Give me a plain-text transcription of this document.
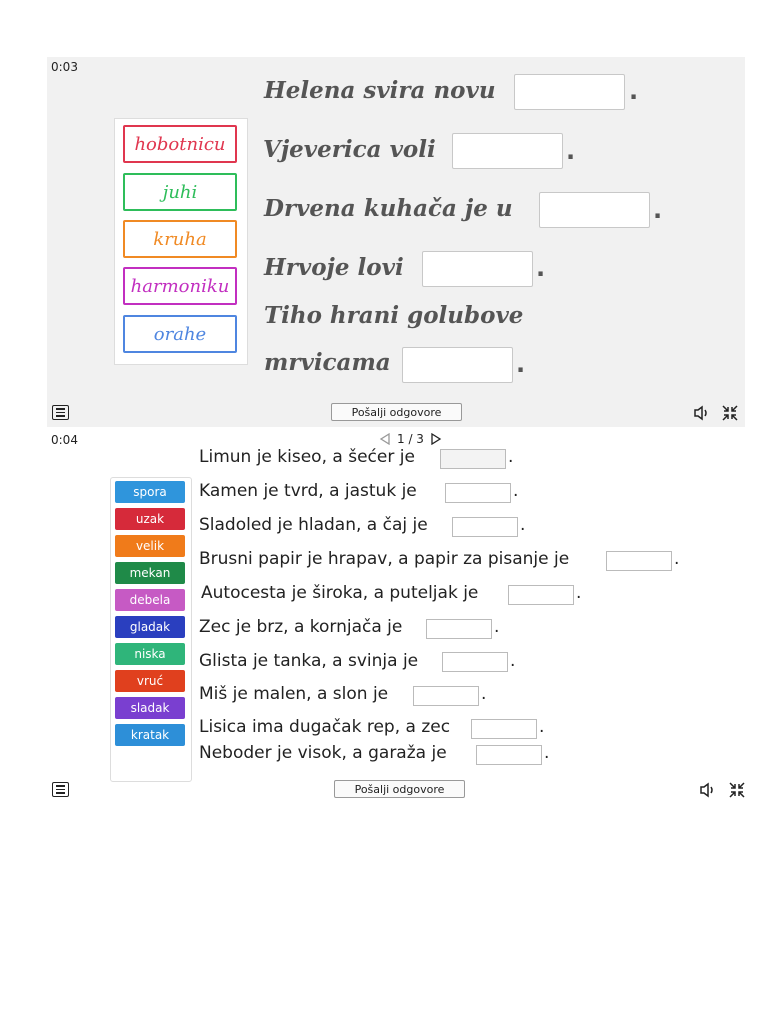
0:03
hobotnicu
juhi
kruha
harmoniku
orahe
Helena svira novu	.
Vjeverica voli	.
Drvena kuhača je u	.
Hrvoje lovi	.
Tiho hrani golubove
mrvicama	.
Pošalji odgovore
0:04	1 / 3
spora
uzak
velik
mekan
debela
gladak
niska
vruć
sladak
kratak
Limun je kiseo, a šećer je	.
Kamen je tvrd, a jastuk je	.
Sladoled je hladan, a čaj je	.
Brusni papir je hrapav, a papir za pisanje je	.
Autocesta je široka, a puteljak je	.
Zec je brz, a kornjača je	.
Glista je tanka, a svinja je	.
Miš je malen, a slon je	.
Lisica ima dugačak rep, a zec	.
Neboder je visok, a garaža je	.
Pošalji odgovore
